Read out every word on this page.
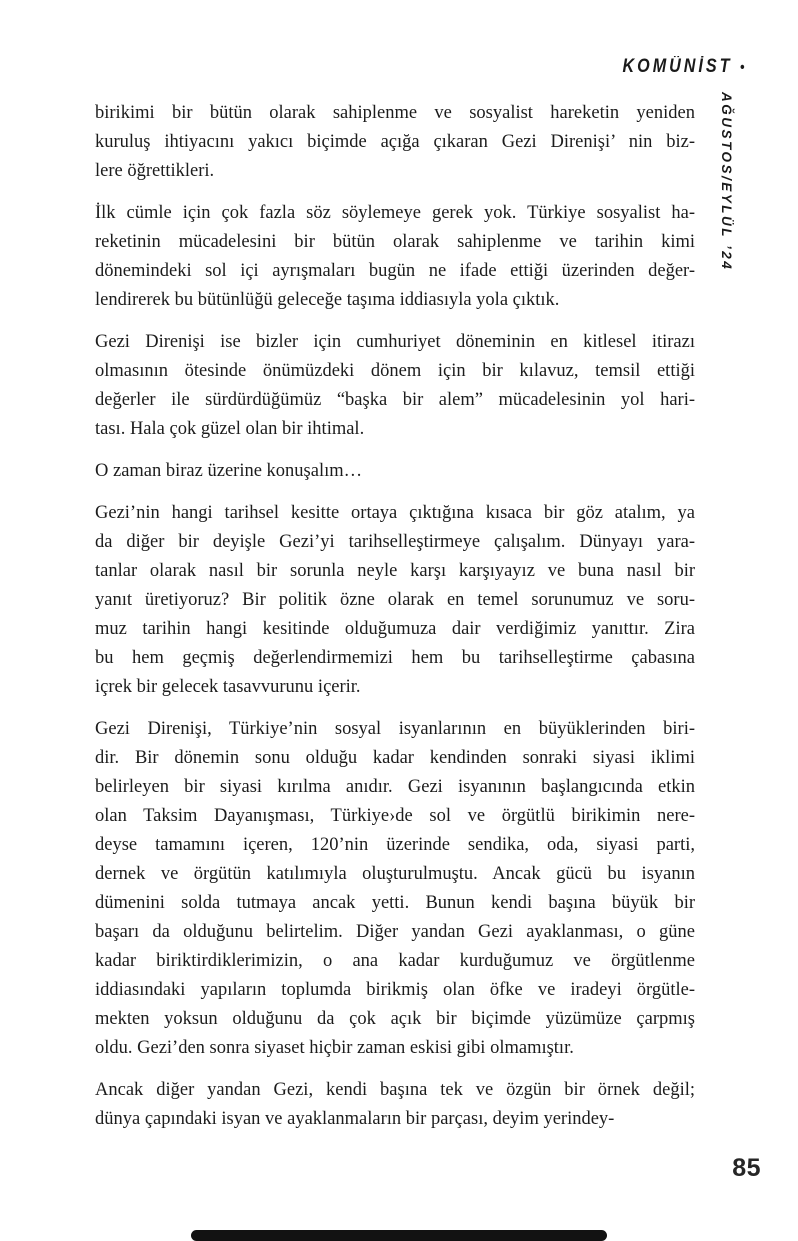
KOMÜNİST •
AĞUSTOS/EYLÜL ’24
birikimi bir bütün olarak sahiplenme ve sosyalist hareketin yeniden
kuruluş ihtiyacını yakıcı biçimde açığa çıkaran Gezi Direnişi’ nin biz-
lere öğrettikleri.
İlk cümle için çok fazla söz söylemeye gerek yok. Türkiye sosyalist ha-
reketinin mücadelesini bir bütün olarak sahiplenme ve tarihin kimi
dönemindeki sol içi ayrışmaları bugün ne ifade ettiği üzerinden değer-
lendirerek bu bütünlüğü geleceğe taşıma iddiasıyla yola çıktık.
Gezi Direnişi ise bizler için cumhuriyet döneminin en kitlesel itirazı
olmasının ötesinde önümüzdeki dönem için bir kılavuz, temsil ettiği
değerler ile sürdürdüğümüz “başka bir alem” mücadelesinin yol hari-
tası. Hala çok güzel olan bir ihtimal.
O zaman biraz üzerine konuşalım…
Gezi’nin hangi tarihsel kesitte ortaya çıktığına kısaca bir göz atalım, ya
da diğer bir deyişle Gezi’yi tarihselleştirmeye çalışalım. Dünyayı yara-
tanlar olarak nasıl bir sorunla neyle karşı karşıyayız ve buna nasıl bir
yanıt üretiyoruz? Bir politik özne olarak en temel sorunumuz ve soru-
muz tarihin hangi kesitinde olduğumuza dair verdiğimiz yanıttır. Zira
bu hem geçmiş değerlendirmemizi hem bu tarihselleştirme çabasına
içrek bir gelecek tasavvurunu içerir.
Gezi Direnişi, Türkiye’nin sosyal isyanlarının en büyüklerinden biri-
dir. Bir dönemin sonu olduğu kadar kendinden sonraki siyasi iklimi
belirleyen bir siyasi kırılma anıdır. Gezi isyanının başlangıcında etkin
olan Taksim Dayanışması, Türkiye›de sol ve örgütlü birikimin nere-
deyse tamamını içeren, 120’nin üzerinde sendika, oda, siyasi parti,
dernek ve örgütün katılımıyla oluşturulmuştu. Ancak gücü bu isyanın
dümenini solda tutmaya ancak yetti. Bunun kendi başına büyük bir
başarı da olduğunu belirtelim. Diğer yandan Gezi ayaklanması, o güne
kadar biriktirdiklerimizin, o ana kadar kurduğumuz ve örgütlenme
iddiasındaki yapıların toplumda birikmiş olan öfke ve iradeyi örgütle-
mekten yoksun olduğunu da çok açık bir biçimde yüzümüze çarpmış
oldu. Gezi’den sonra siyaset hiçbir zaman eskisi gibi olmamıştır.
Ancak diğer yandan Gezi, kendi başına tek ve özgün bir örnek değil;
dünya çapındaki isyan ve ayaklanmaların bir parçası, deyim yerindey-
85
